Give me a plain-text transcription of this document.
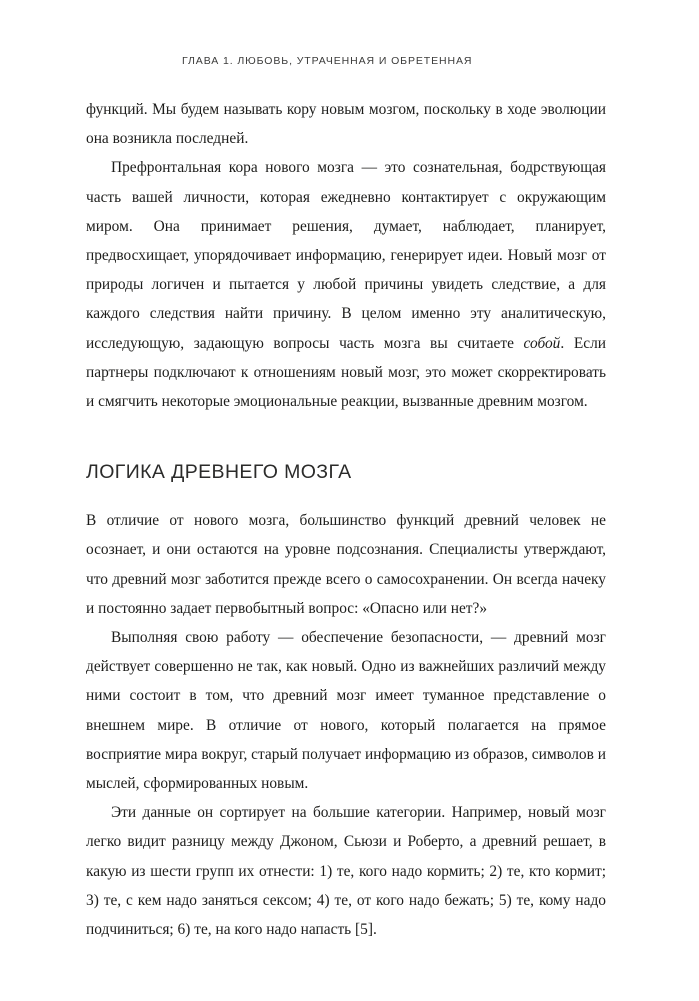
ГЛАВА 1. ЛЮБОВЬ, УТРАЧЕННАЯ И ОБРЕТЕННАЯ

функций. Мы будем называть кору новым мозгом, поскольку в ходе эволюции она возникла последней.

Префронтальная кора нового мозга — это сознательная, бодрствующая часть вашей личности, которая ежедневно контактирует с окружающим миром. Она принимает решения, думает, наблюдает, планирует, предвосхищает, упорядочивает информацию, генерирует идеи. Новый мозг от природы логичен и пытается у любой причины увидеть следствие, а для каждого следствия найти причину. В целом именно эту аналитическую, исследующую, задающую вопросы часть мозга вы считаете собой. Если партнеры подключают к отношениям новый мозг, это может скорректировать и смягчить некоторые эмоциональные реакции, вызванные древним мозгом.

ЛОГИКА ДРЕВНЕГО МОЗГА

В отличие от нового мозга, большинство функций древний человек не осознает, и они остаются на уровне подсознания. Специалисты утверждают, что древний мозг заботится прежде всего о самосохранении. Он всегда начеку и постоянно задает первобытный вопрос: «Опасно или нет?»

Выполняя свою работу — обеспечение безопасности, — древний мозг действует совершенно не так, как новый. Одно из важнейших различий между ними состоит в том, что древний мозг имеет туманное представление о внешнем мире. В отличие от нового, который полагается на прямое восприятие мира вокруг, старый получает информацию из образов, символов и мыслей, сформированных новым.

Эти данные он сортирует на большие категории. Например, новый мозг легко видит разницу между Джоном, Сьюзи и Роберто, а древний решает, в какую из шести групп их отнести: 1) те, кого надо кормить; 2) те, кто кормит; 3) те, с кем надо заняться сексом; 4) те, от кого надо бежать; 5) те, кому надо подчиниться; 6) те, на кого надо напасть [5].
